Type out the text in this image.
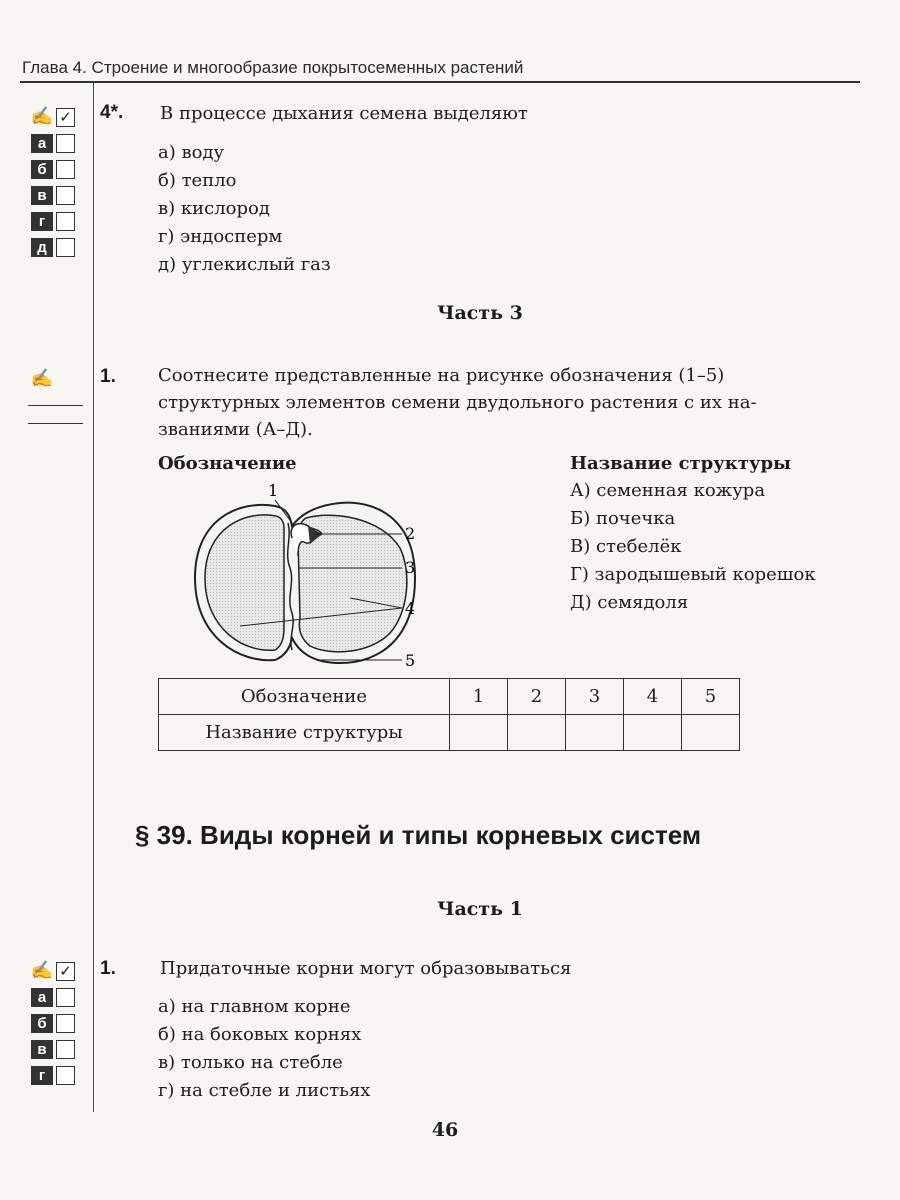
Глава 4. Строение и многообразие покрытосеменных растений
✍ ✓
а
б
в
г
д
4*. В процессе дыхания семена выделяют
а) воду
б) тепло
в) кислород
г) эндосперм
д) углекислый газ
Часть 3
✍ 1. Соотнесите представленные на рисунке обозначения (1–5)
структурных элементов семени двудольного растения с их на-
званиями (А–Д).
Обозначение	Название структуры
А) семенная кожура
Б) почечка
В) стебелёк
Г) зародышевый корешок
Д) семядоля
1
2
3
4
5
Обозначение	1	2	3	4	5
Название структуры					
§ 39. Виды корней и типы корневых систем
Часть 1
✍ ✓
а
б
в
г
1. Придаточные корни могут образовываться
а) на главном корне
б) на боковых корнях
в) только на стебле
г) на стебле и листьях
46
